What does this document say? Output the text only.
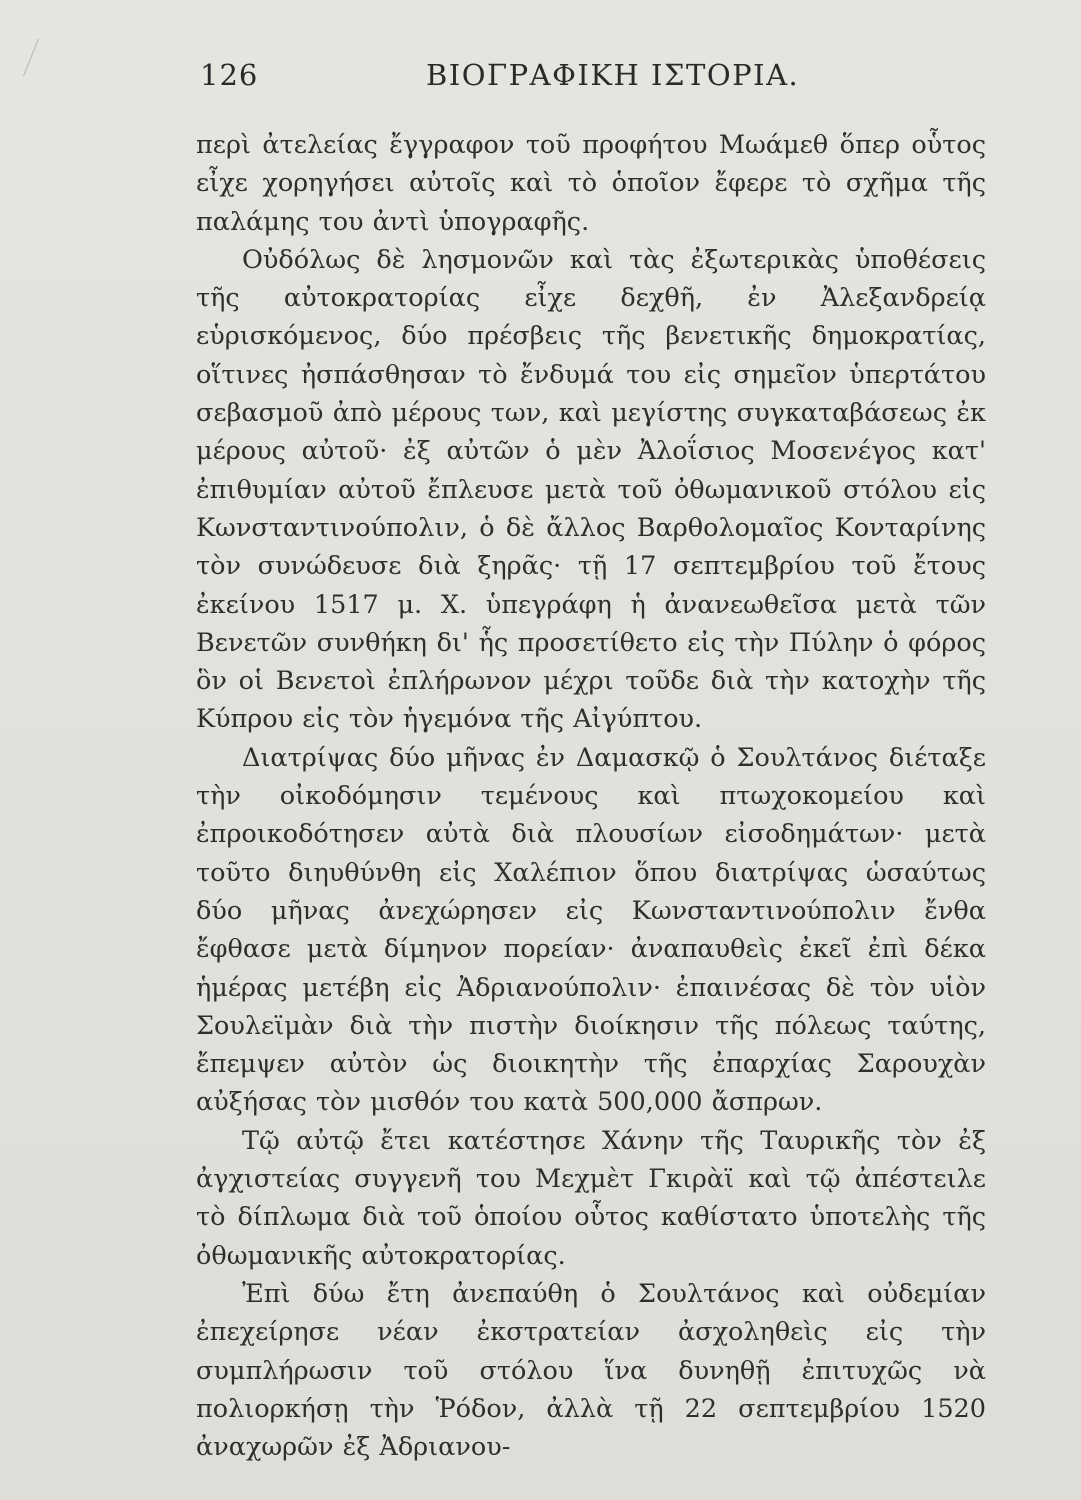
126	ΒΙΟΓΡΑΦΙΚΗ ΙΣΤΟΡΙΑ.

περὶ ἀτελείας ἔγγραφον τοῦ προφήτου Μωάμεθ ὅπερ οὗτος εἶχε χορηγήσει αὐτοῖς καὶ τὸ ὁποῖον ἔφερε τὸ σχῆμα τῆς παλάμης του ἀντὶ ὑπογραφῆς.

Οὐδόλως δὲ λησμονῶν καὶ τὰς ἐξωτερικὰς ὑποθέσεις τῆς αὐτοκρατορίας εἶχε δεχθῆ, ἐν Ἀλεξανδρείᾳ εὑρισκόμενος, δύο πρέσβεις τῆς βενετικῆς δημοκρατίας, οἵτινες ἠσπάσθησαν τὸ ἔνδυμά του εἰς σημεῖον ὑπερτάτου σεβασμοῦ ἀπὸ μέρους των, καὶ μεγίστης συγκαταβάσεως ἐκ μέρους αὐτοῦ· ἐξ αὐτῶν ὁ μὲν Ἀλοΐσιος Μοσενέγος κατ' ἐπιθυμίαν αὐτοῦ ἔπλευσε μετὰ τοῦ ὀθωμανικοῦ στόλου εἰς Κωνσταντινούπολιν, ὁ δὲ ἄλλος Βαρθολομαῖος Κονταρίνης τὸν συνώδευσε διὰ ξηρᾶς· τῇ 17 σεπτεμβρίου τοῦ ἔτους ἐκείνου 1517 μ. Χ. ὑπεγράφη ἡ ἀνανεωθεῖσα μετὰ τῶν Βενετῶν συνθήκη δι' ἧς προσετίθετο εἰς τὴν Πύλην ὁ φόρος ὃν οἱ Βενετοὶ ἐπλήρωνον μέχρι τοῦδε διὰ τὴν κατοχὴν τῆς Κύπρου εἰς τὸν ἡγεμόνα τῆς Αἰγύπτου.

Διατρίψας δύο μῆνας ἐν Δαμασκῷ ὁ Σουλτάνος διέταξε τὴν οἰκοδόμησιν τεμένους καὶ πτωχοκομείου καὶ ἐπροικοδότησεν αὐτὰ διὰ πλουσίων εἰσοδημάτων· μετὰ τοῦτο διηυθύνθη εἰς Χαλέπιον ὅπου διατρίψας ὡσαύτως δύο μῆνας ἀνεχώρησεν εἰς Κωνσταντινούπολιν ἔνθα ἔφθασε μετὰ δίμηνον πορείαν· ἀναπαυθεὶς ἐκεῖ ἐπὶ δέκα ἡμέρας μετέβη εἰς Ἀδριανούπολιν· ἐπαινέσας δὲ τὸν υἱὸν Σουλεϊμὰν διὰ τὴν πιστὴν διοίκησιν τῆς πόλεως ταύτης, ἔπεμψεν αὐτὸν ὡς διοικητὴν τῆς ἐπαρχίας Σαρουχὰν αὐξήσας τὸν μισθόν του κατὰ 500,000 ἄσπρων.

Τῷ αὐτῷ ἔτει κατέστησε Χάνην τῆς Ταυρικῆς τὸν ἐξ ἀγχιστείας συγγενῆ του Μεχμὲτ Γκιρὰϊ καὶ τῷ ἀπέστειλε τὸ δίπλωμα διὰ τοῦ ὁποίου οὗτος καθίστατο ὑποτελὴς τῆς ὀθωμανικῆς αὐτοκρατορίας.

Ἐπὶ δύω ἔτη ἀνεπαύθη ὁ Σουλτάνος καὶ οὐδεμίαν ἐπεχείρησε νέαν ἐκστρατείαν ἀσχοληθεὶς εἰς τὴν συμπλήρωσιν τοῦ στόλου ἵνα δυνηθῇ ἐπιτυχῶς νὰ πολιορκήσῃ τὴν Ῥόδον, ἀλλὰ τῇ 22 σεπτεμβρίου 1520 ἀναχωρῶν ἐξ Ἀδριανου-
